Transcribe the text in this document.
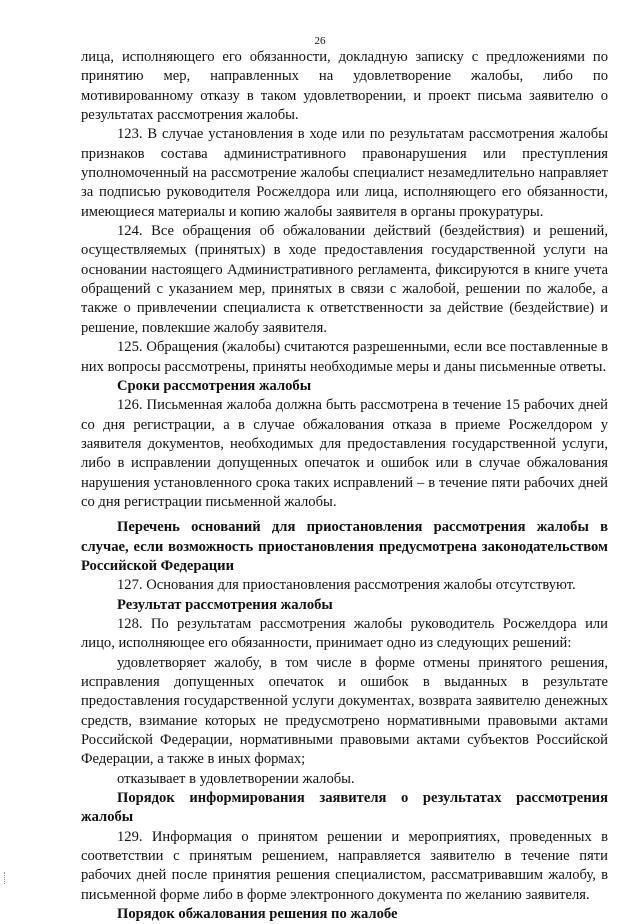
26

лица, исполняющего его обязанности, докладную записку с предложениями по принятию мер, направленных на удовлетворение жалобы, либо по мотивированному отказу в таком удовлетворении, и проект письма заявителю о результатах рассмотрения жалобы.

123. В случае установления в ходе или по результатам рассмотрения жалобы признаков состава административного правонарушения или преступления уполномоченный на рассмотрение жалобы специалист незамедлительно направляет за подписью руководителя Росжелдора или лица, исполняющего его обязанности, имеющиеся материалы и копию жалобы заявителя в органы прокуратуры.

124. Все обращения об обжаловании действий (бездействия) и решений, осуществляемых (принятых) в ходе предоставления государственной услуги на основании настоящего Административного регламента, фиксируются в книге учета обращений с указанием мер, принятых в связи с жалобой, решении по жалобе, а также о привлечении специалиста к ответственности за действие (бездействие) и решение, повлекшие жалобу заявителя.

125. Обращения (жалобы) считаются разрешенными, если все поставленные в них вопросы рассмотрены, приняты необходимые меры и даны письменные ответы.

Сроки рассмотрения жалобы

126. Письменная жалоба должна быть рассмотрена в течение 15 рабочих дней со дня регистрации, а в случае обжалования отказа в приеме Росжелдором у заявителя документов, необходимых для предоставления государственной услуги, либо в исправлении допущенных опечаток и ошибок или в случае обжалования нарушения установленного срока таких исправлений – в течение пяти рабочих дней со дня регистрации письменной жалобы.

Перечень оснований для приостановления рассмотрения жалобы в случае, если возможность приостановления предусмотрена законодательством Российской Федерации

127. Основания для приостановления рассмотрения жалобы отсутствуют.

Результат рассмотрения жалобы

128. По результатам рассмотрения жалобы руководитель Росжелдора или лицо, исполняющее его обязанности, принимает одно из следующих решений:

удовлетворяет жалобу, в том числе в форме отмены принятого решения, исправления допущенных опечаток и ошибок в выданных в результате предоставления государственной услуги документах, возврата заявителю денежных средств, взимание которых не предусмотрено нормативными правовыми актами Российской Федерации, нормативными правовыми актами субъектов Российской Федерации, а также в иных формах;

отказывает в удовлетворении жалобы.

Порядок информирования заявителя о результатах рассмотрения жалобы

129. Информация о принятом решении и мероприятиях, проведенных в соответствии с принятым решением, направляется заявителю в течение пяти рабочих дней после принятия решения специалистом, рассматривавшим жалобу, в письменной форме либо в форме электронного документа по желанию заявителя.

Порядок обжалования решения по жалобе
